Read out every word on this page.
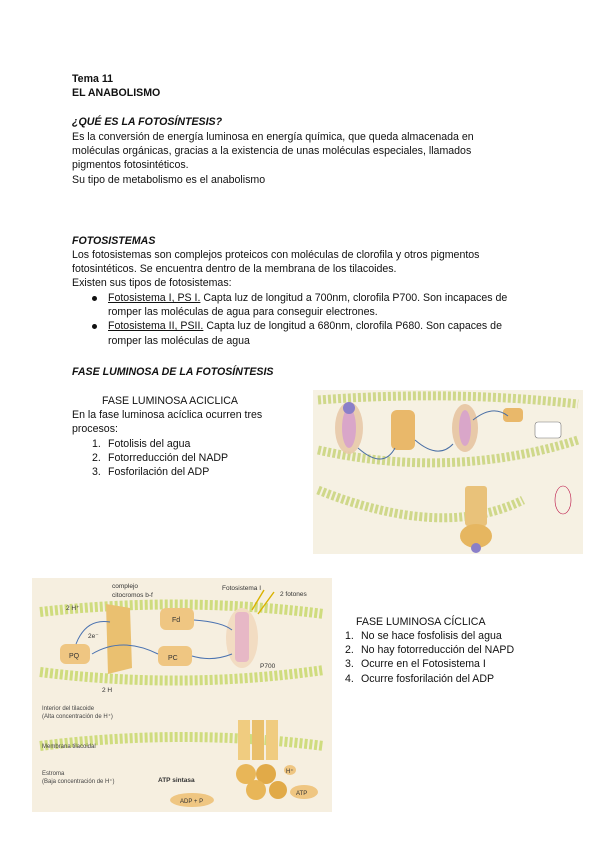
Tema 11
EL ANABOLISMO
¿QUÉ ES LA FOTOSÍNTESIS?

Es la conversión de energía luminosa en energía química, que queda almacenada en

moléculas orgánicas, gracias a la existencia de unas moléculas especiales, llamados

pigmentos fotosintéticos.

Su tipo de metabolismo es el anabolismo

FOTOSISTEMAS

Los fotosistemas son complejos proteicos con moléculas de clorofila y otros pigmentos

fotosintéticos. Se encuentra dentro de la membrana de los tilacoides.

Existen sus tipos de fotosistemas:

Fotosistema I, PS I. Capta luz de longitud a 700nm, clorofila P700. Son incapaces de
romper las moléculas de agua para conseguir electrones.
Fotosistema II, PSII. Capta luz de longitud a 680nm, clorofila P680. Son capaces de
romper las moléculas de agua
FASE LUMINOSA DE LA FOTOSÍNTESIS
FASE LUMINOSA ACICLICA

En la fase luminosa acíclica ocurren tres

procesos:

1. Fotolisis del agua
2. Fotorreducción del NADP
3. Fosforilación del ADP
complejo
citocromos b-f
Fotosistema I
2 fotones
2 H⁺
Fd
PQ	PC
P700
2e⁻
2 H
Interior del tilacoide
(Alta concentración de H⁺)
Membrana tilacoidal
Estroma
(Baja concentración de H⁺)	ATP sintasa
H⁺
ADP + P
ATP
FASE LUMINOSA CÍCLICA
1. No se hace fosfolisis del agua
2. No hay fotorreducción del NAPD
3. Ocurre en el Fotosistema I
4. Ocurre fosforilación del ADP
